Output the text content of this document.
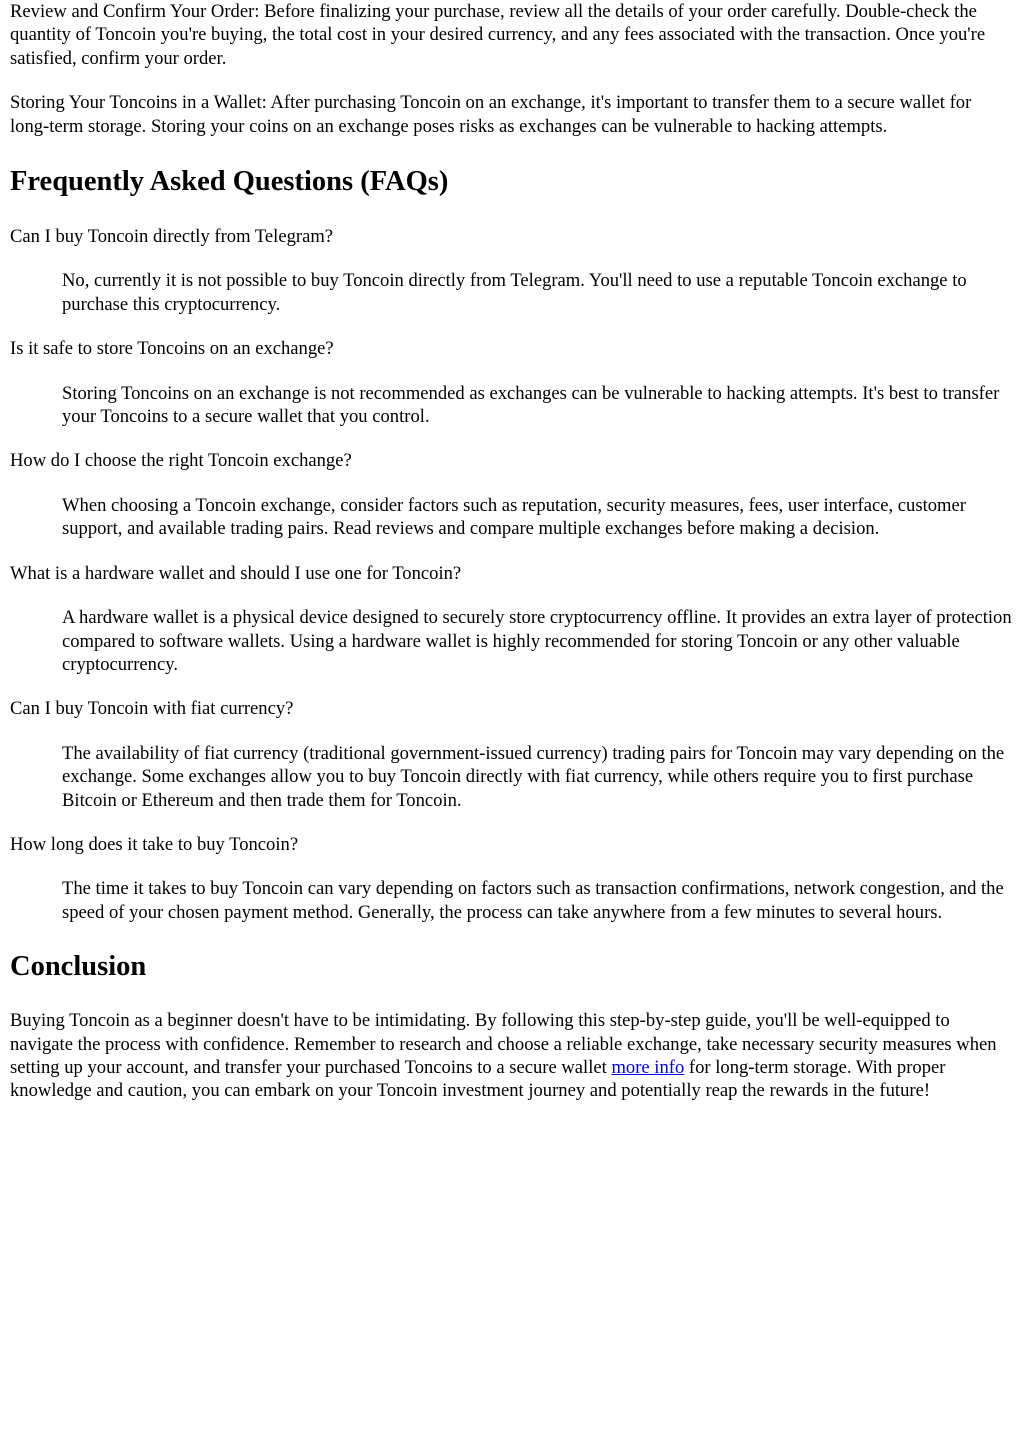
Review and Confirm Your Order: Before finalizing your purchase, review all the details of your order carefully. Double-check the quantity of Toncoin you're buying, the total cost in your desired currency, and any fees associated with the transaction. Once you're satisfied, confirm your order.

Storing Your Toncoins in a Wallet: After purchasing Toncoin on an exchange, it's important to transfer them to a secure wallet for long-term storage. Storing your coins on an exchange poses risks as exchanges can be vulnerable to hacking attempts.

Frequently Asked Questions (FAQs)

Can I buy Toncoin directly from Telegram?

No, currently it is not possible to buy Toncoin directly from Telegram. You'll need to use a reputable Toncoin exchange to purchase this cryptocurrency.

Is it safe to store Toncoins on an exchange?

Storing Toncoins on an exchange is not recommended as exchanges can be vulnerable to hacking attempts. It's best to transfer your Toncoins to a secure wallet that you control.

How do I choose the right Toncoin exchange?

When choosing a Toncoin exchange, consider factors such as reputation, security measures, fees, user interface, customer support, and available trading pairs. Read reviews and compare multiple exchanges before making a decision.

What is a hardware wallet and should I use one for Toncoin?

A hardware wallet is a physical device designed to securely store cryptocurrency offline. It provides an extra layer of protection compared to software wallets. Using a hardware wallet is highly recommended for storing Toncoin or any other valuable cryptocurrency.

Can I buy Toncoin with fiat currency?

The availability of fiat currency (traditional government-issued currency) trading pairs for Toncoin may vary depending on the exchange. Some exchanges allow you to buy Toncoin directly with fiat currency, while others require you to first purchase Bitcoin or Ethereum and then trade them for Toncoin.

How long does it take to buy Toncoin?

The time it takes to buy Toncoin can vary depending on factors such as transaction confirmations, network congestion, and the speed of your chosen payment method. Generally, the process can take anywhere from a few minutes to several hours.

Conclusion

Buying Toncoin as a beginner doesn't have to be intimidating. By following this step-by-step guide, you'll be well-equipped to navigate the process with confidence. Remember to research and choose a reliable exchange, take necessary security measures when setting up your account, and transfer your purchased Toncoins to a secure wallet more info for long-term storage. With proper knowledge and caution, you can embark on your Toncoin investment journey and potentially reap the rewards in the future!
